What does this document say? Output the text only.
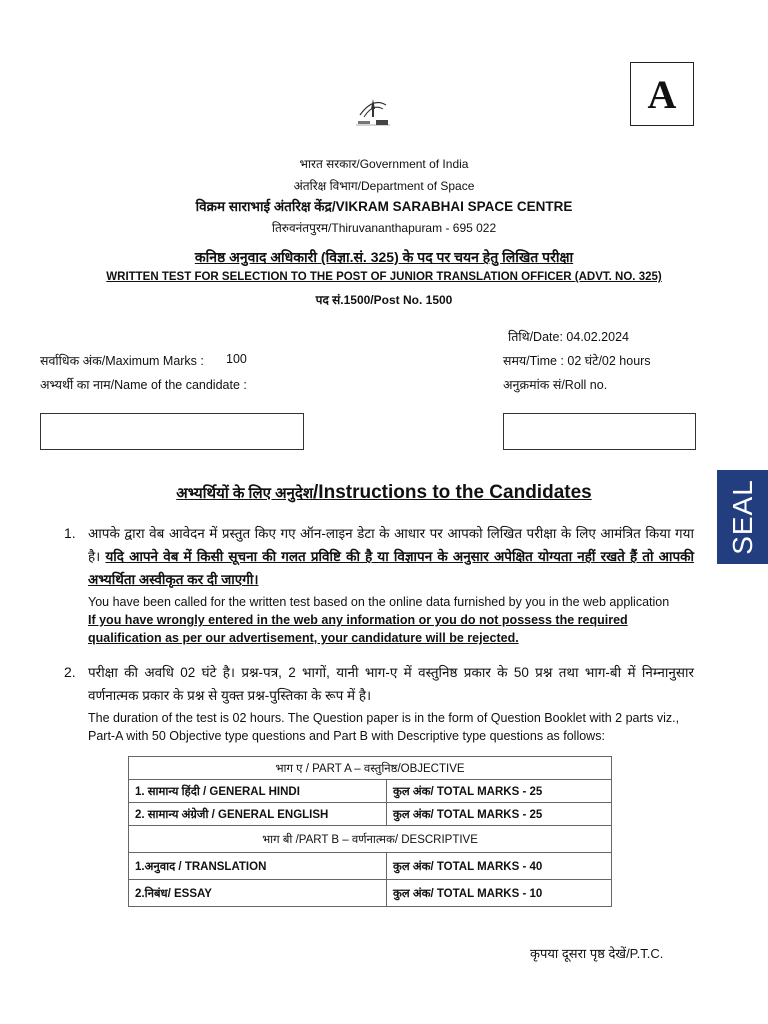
A
भारत सरकार/Government of India
अंतरिक्ष विभाग/Department of Space
विक्रम साराभाई अंतरिक्ष केंद्र/VIKRAM SARABHAI SPACE CENTRE
तिरुवनंतपुरम/Thiruvananthapuram - 695 022
कनिष्ठ अनुवाद अधिकारी (विज्ञा.सं. 325) के पद पर चयन हेतु लिखित परीक्षा
WRITTEN TEST FOR SELECTION TO THE POST OF JUNIOR TRANSLATION OFFICER (ADVT. NO. 325)
पद सं.1500/Post No. 1500
तिथि/Date: 04.02.2024
सर्वाधिक अंक/Maximum Marks : 100	समय/Time : 02 घंटे/02 hours
अभ्यर्थी का नाम/Name of the candidate :	अनुक्रमांक सं/Roll no.
SEAL
अभ्यर्थियों के लिए अनुदेश/Instructions to the Candidates
1. आपके द्वारा वेब आवेदन में प्रस्तुत किए गए ऑन-लाइन डेटा के आधार पर आपको लिखित परीक्षा के लिए आमंत्रित किया गया है। यदि आपने वेब में किसी सूचना की गलत प्रविष्टि की है या विज्ञापन के अनुसार अपेक्षित योग्यता नहीं रखते हैं तो आपकी अभ्यर्थिता अस्वीकृत कर दी जाएगी।
You have been called for the written test based on the online data furnished by you in the web application
If you have wrongly entered in the web any information or you do not possess the required qualification as per our advertisement, your candidature will be rejected.
2. परीक्षा की अवधि 02 घंटे है। प्रश्न-पत्र, 2 भागों, यानी भाग-ए में वस्तुनिष्ठ प्रकार के 50 प्रश्न तथा भाग-बी में निम्नानुसार वर्णनात्मक प्रकार के प्रश्न से युक्त प्रश्न-पुस्तिका के रूप में है।
The duration of the test is 02 hours. The Question paper is in the form of Question Booklet with 2 parts viz., Part-A with 50 Objective type questions and Part B with Descriptive type questions as follows:
भाग ए / PART A – वस्तुनिष्ठ/OBJECTIVE	
1. सामान्य हिंदी / GENERAL HINDI	कुल अंक/ TOTAL MARKS - 25
2. सामान्य अंग्रेजी / GENERAL ENGLISH	कुल अंक/ TOTAL MARKS - 25
भाग बी /PART B – वर्णनात्मक/ DESCRIPTIVE	
1.अनुवाद / TRANSLATION	कुल अंक/ TOTAL MARKS - 40
2.निबंध/ ESSAY	कुल अंक/ TOTAL MARKS - 10
कृपया दूसरा पृष्ठ देखें/P.T.C.
